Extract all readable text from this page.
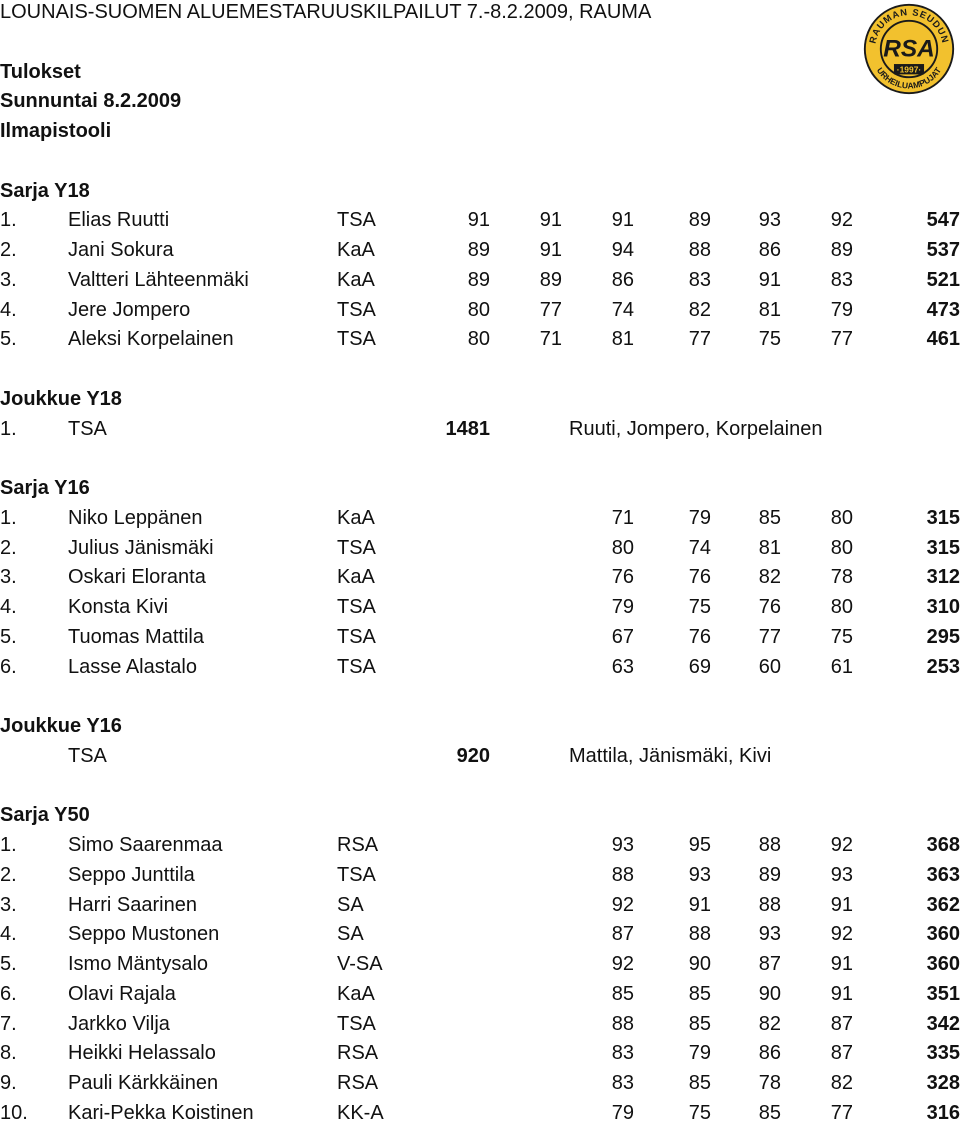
LOUNAIS-SUOMEN ALUEMESTARUUSKILPAILUT 7.-8.2.2009, RAUMA
Tulokset
Sunnuntai 8.2.2009
Ilmapistooli
Sarja Y18
1.	Elias Ruutti	TSA	91	91	91	89	93	92	547
2.	Jani Sokura	KaA	89	91	94	88	86	89	537
3.	Valtteri Lähteenmäki	KaA	89	89	86	83	91	83	521
4.	Jere Jompero	TSA	80	77	74	82	81	79	473
5.	Aleksi Korpelainen	TSA	80	71	81	77	75	77	461
Joukkue Y18
1.	TSA	1481	Ruuti, Jompero, Korpelainen
Sarja Y16
1.	Niko Leppänen	KaA	71	79	85	80	315
2.	Julius Jänismäki	TSA	80	74	81	80	315
3.	Oskari Eloranta	KaA	76	76	82	78	312
4.	Konsta Kivi	TSA	79	75	76	80	310
5.	Tuomas Mattila	TSA	67	76	77	75	295
6.	Lasse Alastalo	TSA	63	69	60	61	253
Joukkue Y16
TSA	920	Mattila, Jänismäki, Kivi
Sarja Y50
1.	Simo Saarenmaa	RSA	93	95	88	92	368
2.	Seppo Junttila	TSA	88	93	89	93	363
3.	Harri Saarinen	SA	92	91	88	91	362
4.	Seppo Mustonen	SA	87	88	93	92	360
5.	Ismo Mäntysalo	V-SA	92	90	87	91	360
6.	Olavi Rajala	KaA	85	85	90	91	351
7.	Jarkko Vilja	TSA	88	85	82	87	342
8.	Heikki Helassalo	RSA	83	79	86	87	335
9.	Pauli Kärkkäinen	RSA	83	85	78	82	328
10. Kari-Pekka Koistinen	KK-A	79	75	85	77	316
RAUMAN SEUDUN
URHEILUAMPUJAT
RSA
·1997·
